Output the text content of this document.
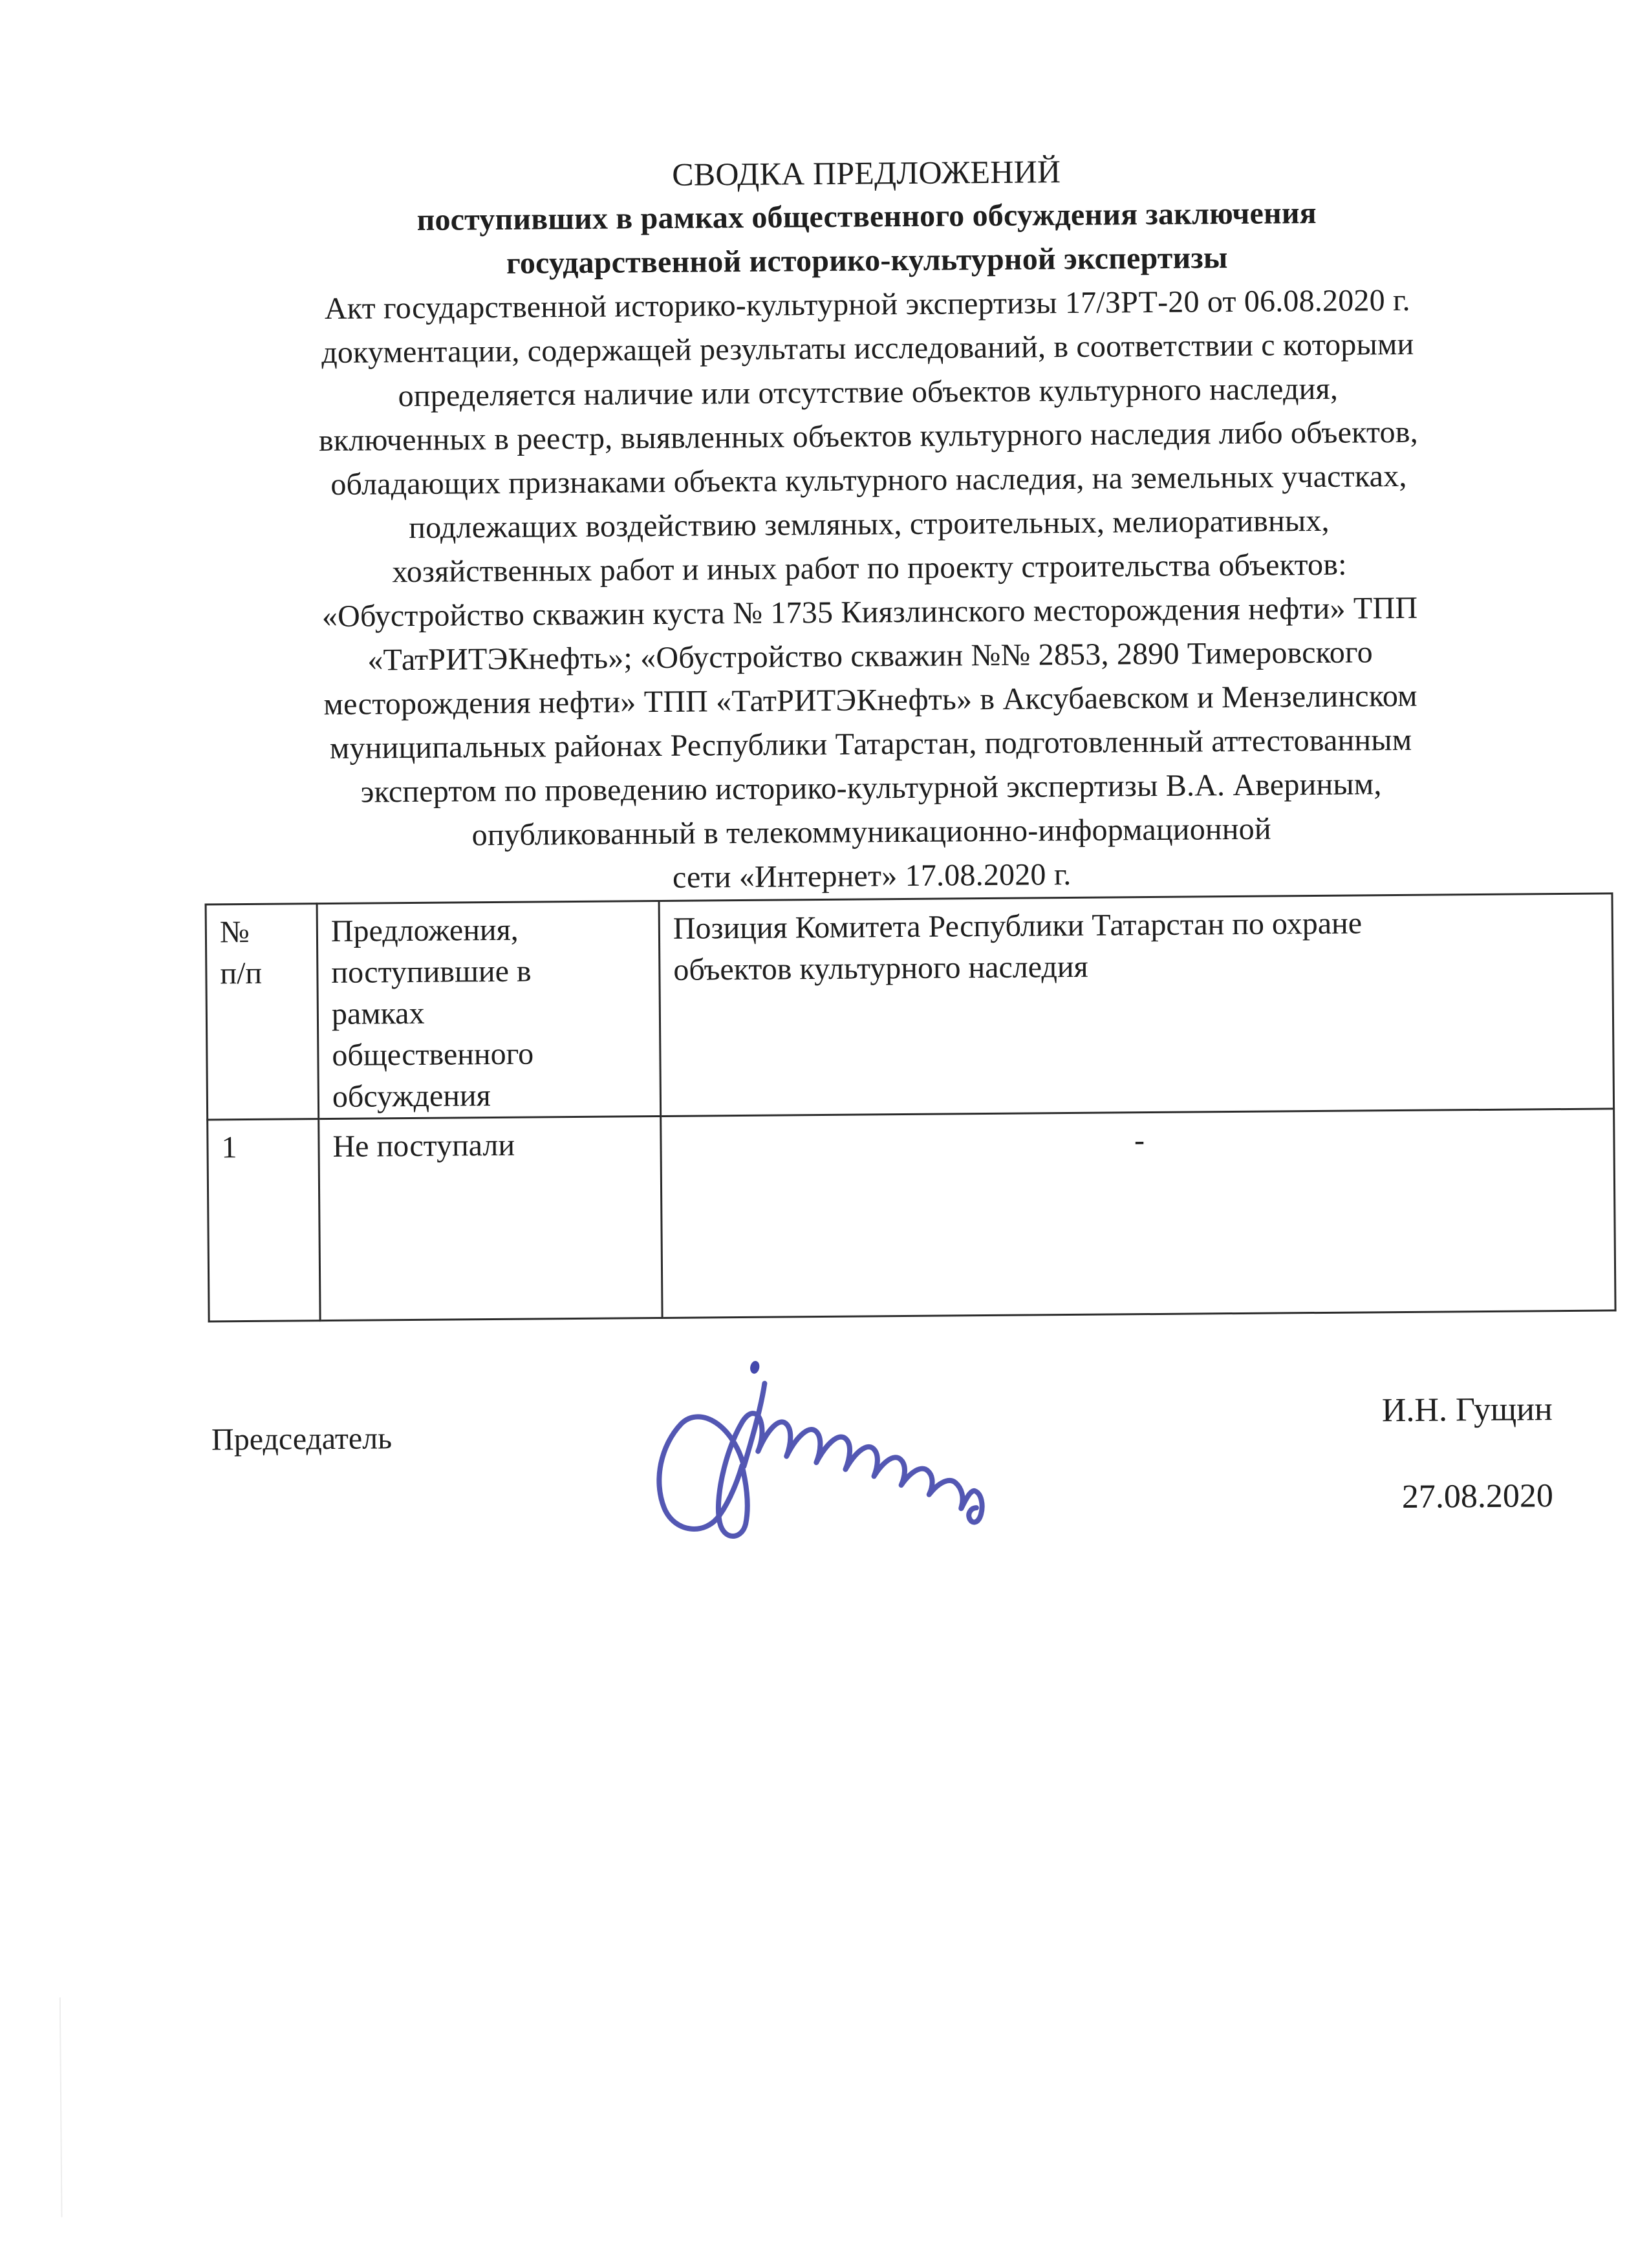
СВОДКА ПРЕДЛОЖЕНИЙ
поступивших в рамках общественного обсуждения заключения
государственной историко-культурной экспертизы
Акт государственной историко-культурной экспертизы 17/ЗРТ-20 от 06.08.2020 г.
документации, содержащей результаты исследований, в соответствии с которыми
определяется наличие или отсутствие объектов культурного наследия,
включенных в реестр, выявленных объектов культурного наследия либо объектов,
обладающих признаками объекта культурного наследия, на земельных участках,
подлежащих воздействию земляных, строительных, мелиоративных,
хозяйственных работ и иных работ по проекту строительства объектов:
«Обустройство скважин куста № 1735 Киязлинского месторождения нефти» ТПП
«ТатРИТЭКнефть»; «Обустройство скважин №№ 2853, 2890 Тимеровского
месторождения нефти» ТПП «ТатРИТЭКнефть» в Аксубаевском и Мензелинском
муниципальных районах Республики Татарстан, подготовленный аттестованным
экспертом по проведению историко-культурной экспертизы В.А. Авериным,
опубликованный в телекоммуникационно-информационной
сети «Интернет» 17.08.2020 г.
№
п/п	Предложения,
поступившие в
рамках
общественного
обсуждения	Позиция Комитета Республики Татарстан по охране
объектов культурного наследия
1	Не поступали	-
Председатель
И.Н. Гущин
27.08.2020
